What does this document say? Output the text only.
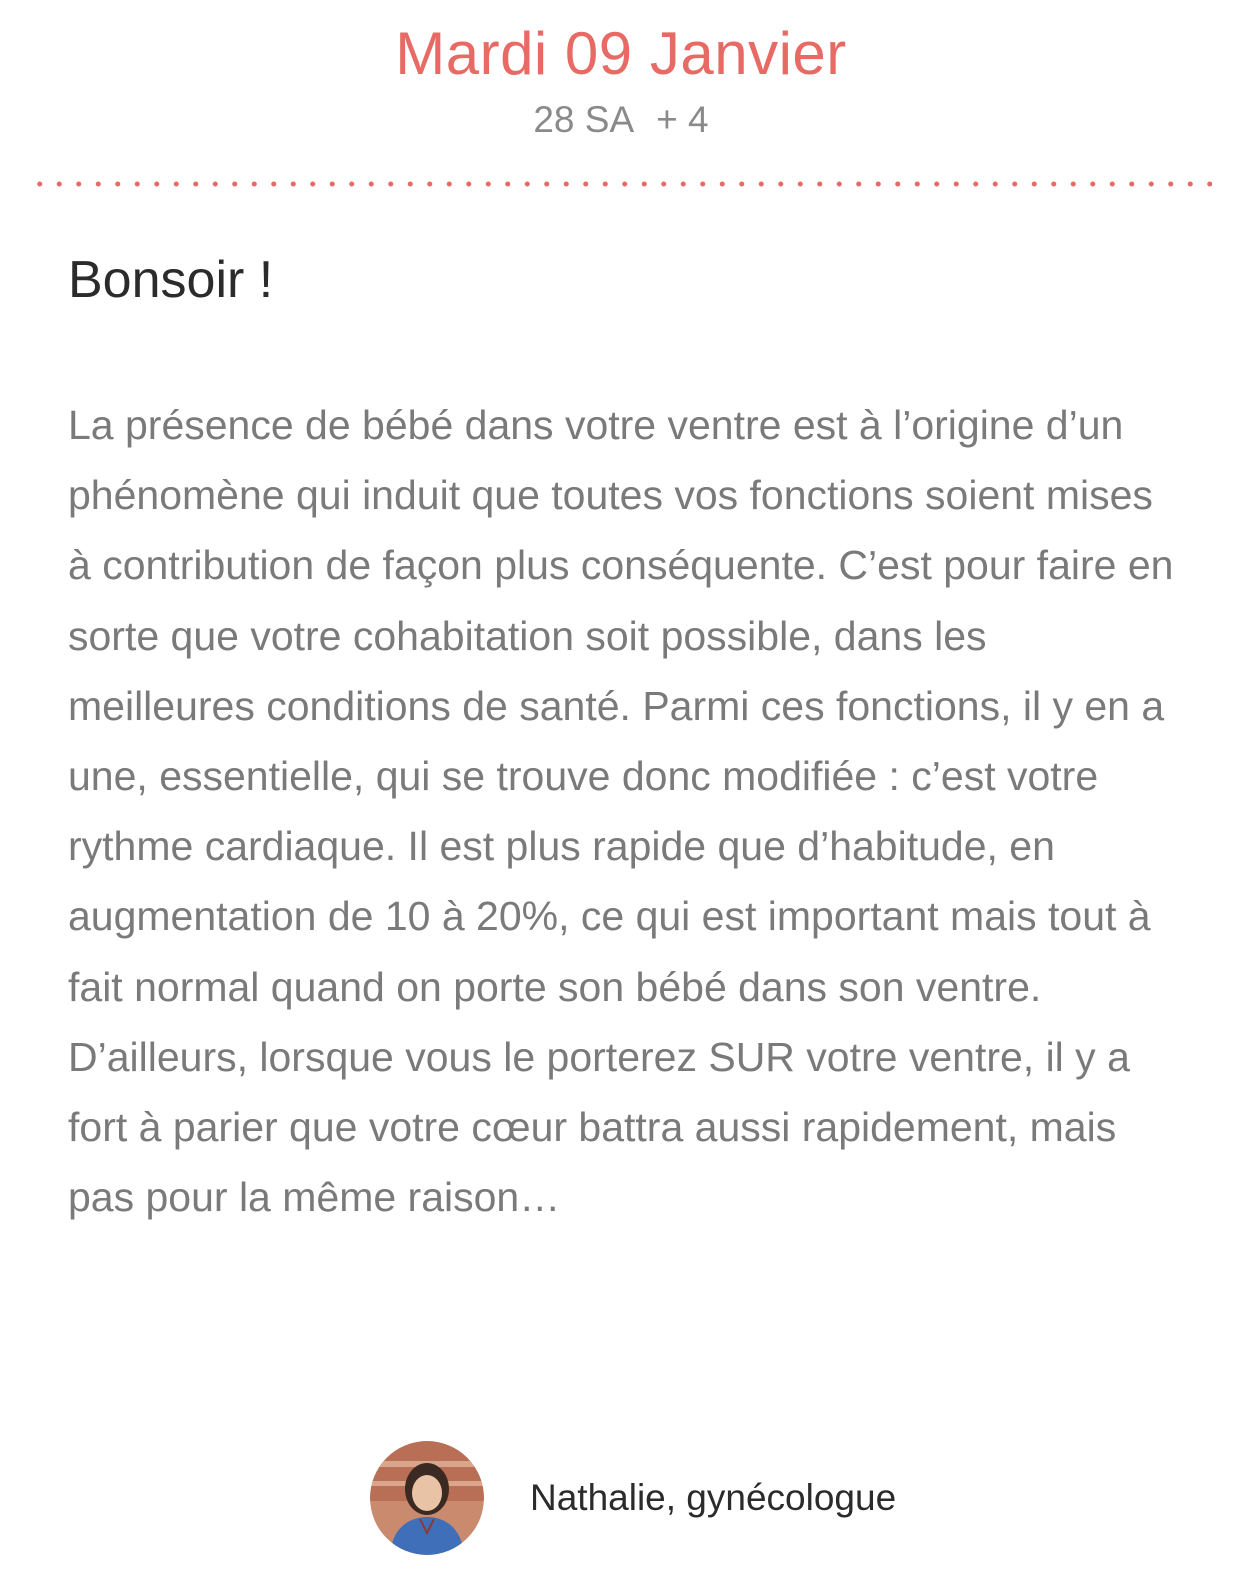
Mardi 09 Janvier
28 SA + 4
Bonsoir !

La présence de bébé dans votre ventre est à l’origine d’un phénomène qui induit que toutes vos fonctions soient mises à contribution de façon plus conséquente. C’est pour faire en sorte que votre cohabitation soit possible, dans les meilleures conditions de santé. Parmi ces fonctions, il y en a une, essentielle, qui se trouve donc modifiée : c’est votre rythme cardiaque. Il est plus rapide que d’habitude, en augmentation de 10 à 20%, ce qui est important mais tout à fait normal quand on porte son bébé dans son ventre. D’ailleurs, lorsque vous le porterez SUR votre ventre, il y a fort à parier que votre cœur battra aussi rapidement, mais pas pour la même raison…

Nathalie, gynécologue
